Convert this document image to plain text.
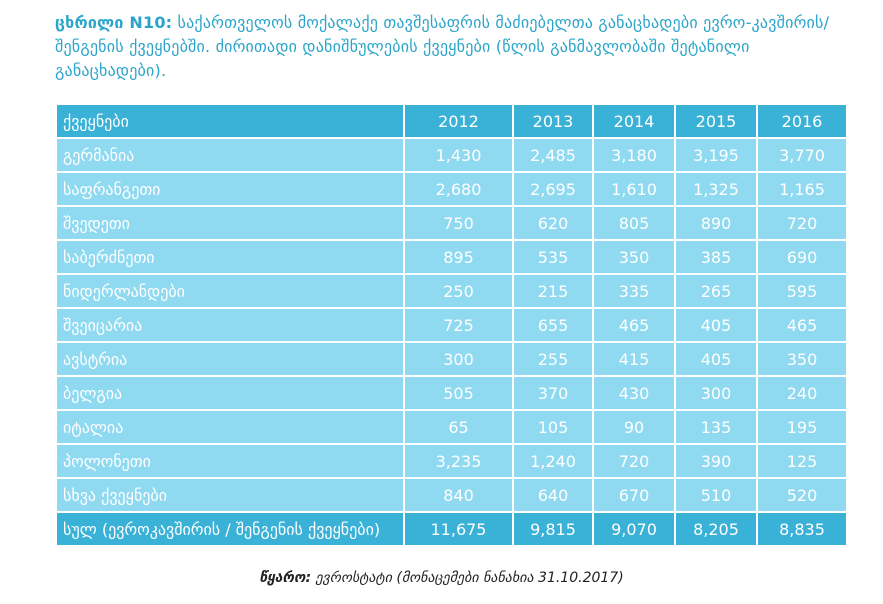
ცხრილი N10: საქართველოს მოქალაქე თავშესაფრის მაძიებელთა განაცხადები ევრო-კავშირის/შენგენის ქვეყნებში. ძირითადი დანიშნულების ქვეყნები (წლის განმავლობაში შეტანილი განაცხადები).

ქვეყნები	2012	2013	2014	2015	2016
გერმანია	1,430	2,485	3,180	3,195	3,770
საფრანგეთი	2,680	2,695	1,610	1,325	1,165
შვედეთი	750	620	805	890	720
საბერძნეთი	895	535	350	385	690
ნიდერლანდები	250	215	335	265	595
შვეიცარია	725	655	465	405	465
ავსტრია	300	255	415	405	350
ბელგია	505	370	430	300	240
იტალია	65	105	90	135	195
პოლონეთი	3,235	1,240	720	390	125
სხვა ქვეყნები	840	640	670	510	520
სულ (ევროკავშირის / შენგენის ქვეყნები)	11,675	9,815	9,070	8,205	8,835
წყარო: ევროსტატი (მონაცემები ნანახია 31.10.2017)
